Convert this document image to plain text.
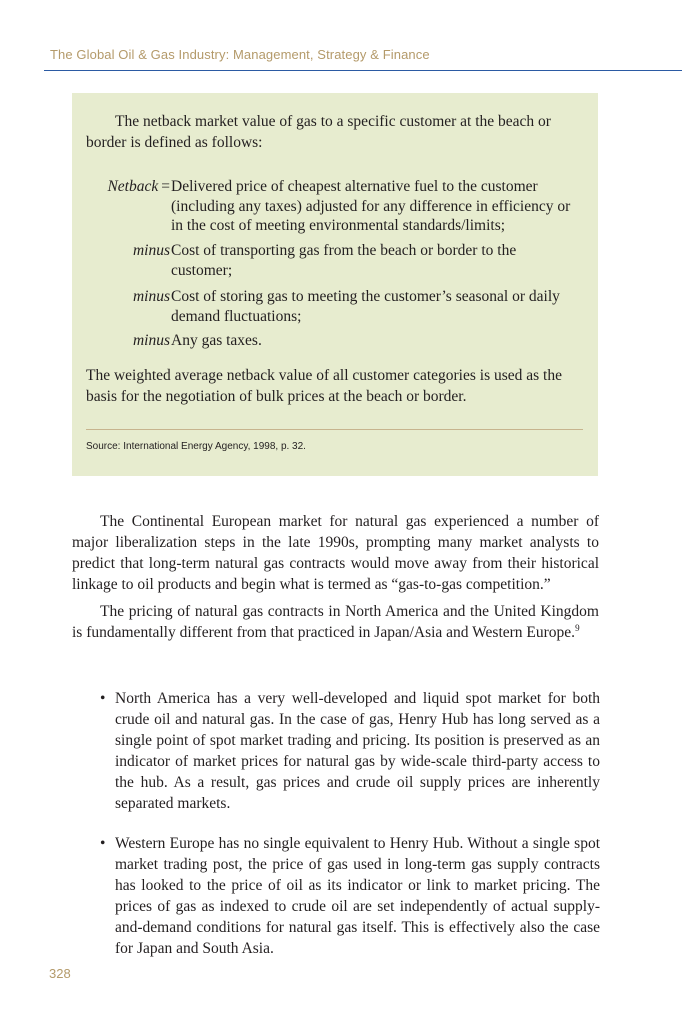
The Global Oil & Gas Industry: Management, Strategy & Finance

The netback market value of gas to a specific customer at the beach or border is defined as follows:

Netback = Delivered price of cheapest alternative fuel to the customer (including any taxes) adjusted for any difference in efficiency or in the cost of meeting environmental standards/limits;
minus Cost of transporting gas from the beach or border to the customer;
minus Cost of storing gas to meeting the customer’s seasonal or daily demand fluctuations;
minus Any gas taxes.

The weighted average netback value of all customer categories is used as the basis for the negotiation of bulk prices at the beach or border.

Source: International Energy Agency, 1998, p. 32.

The Continental European market for natural gas experienced a number of major liberalization steps in the late 1990s, prompting many market analysts to predict that long-term natural gas contracts would move away from their historical linkage to oil products and begin what is termed as “gas-to-gas competition.”

The pricing of natural gas contracts in North America and the United Kingdom is fundamentally different from that practiced in Japan/Asia and Western Europe.$^9$

• North America has a very well-developed and liquid spot market for both crude oil and natural gas. In the case of gas, Henry Hub has long served as a single point of spot market trading and pricing. Its position is preserved as an indicator of market prices for natural gas by wide-scale third-party access to the hub. As a result, gas prices and crude oil supply prices are inherently separated markets.

• Western Europe has no single equivalent to Henry Hub. Without a single spot market trading post, the price of gas used in long-term gas supply contracts has looked to the price of oil as its indicator or link to market pricing. The prices of gas as indexed to crude oil are set independently of actual supply-and-demand conditions for natural gas itself. This is effectively also the case for Japan and South Asia.

328
